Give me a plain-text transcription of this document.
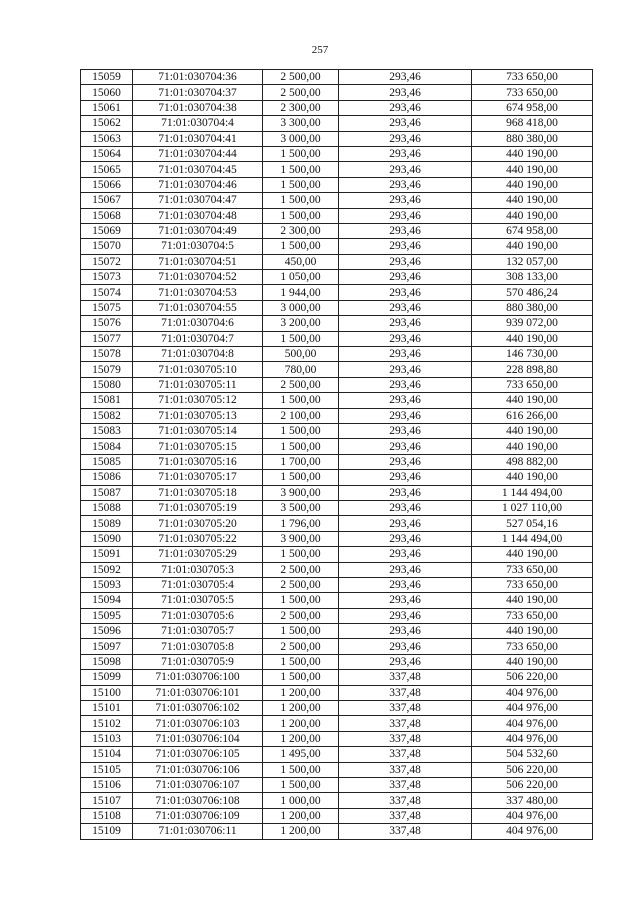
257
15059	71:01:030704:36	2 500,00	293,46	733 650,00
15060	71:01:030704:37	2 500,00	293,46	733 650,00
15061	71:01:030704:38	2 300,00	293,46	674 958,00
15062	71:01:030704:4	3 300,00	293,46	968 418,00
15063	71:01:030704:41	3 000,00	293,46	880 380,00
15064	71:01:030704:44	1 500,00	293,46	440 190,00
15065	71:01:030704:45	1 500,00	293,46	440 190,00
15066	71:01:030704:46	1 500,00	293,46	440 190,00
15067	71:01:030704:47	1 500,00	293,46	440 190,00
15068	71:01:030704:48	1 500,00	293,46	440 190,00
15069	71:01:030704:49	2 300,00	293,46	674 958,00
15070	71:01:030704:5	1 500,00	293,46	440 190,00
15072	71:01:030704:51	450,00	293,46	132 057,00
15073	71:01:030704:52	1 050,00	293,46	308 133,00
15074	71:01:030704:53	1 944,00	293,46	570 486,24
15075	71:01:030704:55	3 000,00	293,46	880 380,00
15076	71:01:030704:6	3 200,00	293,46	939 072,00
15077	71:01:030704:7	1 500,00	293,46	440 190,00
15078	71:01:030704:8	500,00	293,46	146 730,00
15079	71:01:030705:10	780,00	293,46	228 898,80
15080	71:01:030705:11	2 500,00	293,46	733 650,00
15081	71:01:030705:12	1 500,00	293,46	440 190,00
15082	71:01:030705:13	2 100,00	293,46	616 266,00
15083	71:01:030705:14	1 500,00	293,46	440 190,00
15084	71:01:030705:15	1 500,00	293,46	440 190,00
15085	71:01:030705:16	1 700,00	293,46	498 882,00
15086	71:01:030705:17	1 500,00	293,46	440 190,00
15087	71:01:030705:18	3 900,00	293,46	1 144 494,00
15088	71:01:030705:19	3 500,00	293,46	1 027 110,00
15089	71:01:030705:20	1 796,00	293,46	527 054,16
15090	71:01:030705:22	3 900,00	293,46	1 144 494,00
15091	71:01:030705:29	1 500,00	293,46	440 190,00
15092	71:01:030705:3	2 500,00	293,46	733 650,00
15093	71:01:030705:4	2 500,00	293,46	733 650,00
15094	71:01:030705:5	1 500,00	293,46	440 190,00
15095	71:01:030705:6	2 500,00	293,46	733 650,00
15096	71:01:030705:7	1 500,00	293,46	440 190,00
15097	71:01:030705:8	2 500,00	293,46	733 650,00
15098	71:01:030705:9	1 500,00	293,46	440 190,00
15099	71:01:030706:100	1 500,00	337,48	506 220,00
15100	71:01:030706:101	1 200,00	337,48	404 976,00
15101	71:01:030706:102	1 200,00	337,48	404 976,00
15102	71:01:030706:103	1 200,00	337,48	404 976,00
15103	71:01:030706:104	1 200,00	337,48	404 976,00
15104	71:01:030706:105	1 495,00	337,48	504 532,60
15105	71:01:030706:106	1 500,00	337,48	506 220,00
15106	71:01:030706:107	1 500,00	337,48	506 220,00
15107	71:01:030706:108	1 000,00	337,48	337 480,00
15108	71:01:030706:109	1 200,00	337,48	404 976,00
15109	71:01:030706:11	1 200,00	337,48	404 976,00
